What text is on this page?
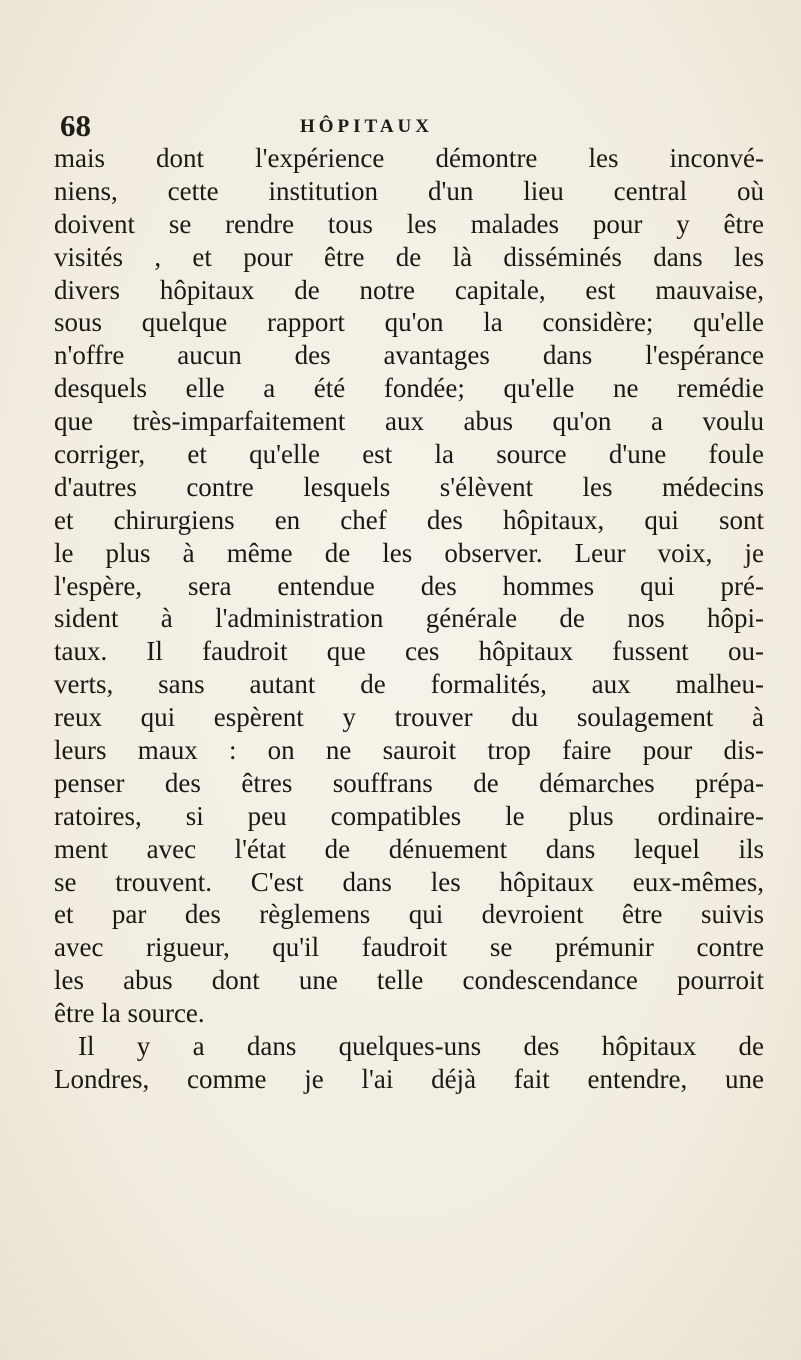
68	HÔPITAUX
mais dont l'expérience démontre les inconvé-
niens, cette institution d'un lieu central où
doivent se rendre tous les malades pour y être
visités , et pour être de là disséminés dans les
divers hôpitaux de notre capitale, est mauvaise,
sous quelque rapport qu'on la considère; qu'elle
n'offre aucun des avantages dans l'espérance
desquels elle a été fondée; qu'elle ne remédie
que très-imparfaitement aux abus qu'on a voulu
corriger, et qu'elle est la source d'une foule
d'autres contre lesquels s'élèvent les médecins
et chirurgiens en chef des hôpitaux, qui sont
le plus à même de les observer. Leur voix, je
l'espère, sera entendue des hommes qui pré-
sident à l'administration générale de nos hôpi-
taux. Il faudroit que ces hôpitaux fussent ou-
verts, sans autant de formalités, aux malheu-
reux qui espèrent y trouver du soulagement à
leurs maux : on ne sauroit trop faire pour dis-
penser des êtres souffrans de démarches prépa-
ratoires, si peu compatibles le plus ordinaire-
ment avec l'état de dénuement dans lequel ils
se trouvent. C'est dans les hôpitaux eux-mêmes,
et par des règlemens qui devroient être suivis
avec rigueur, qu'il faudroit se prémunir contre
les abus dont une telle condescendance pourroit
être la source.
Il y a dans quelques-uns des hôpitaux de
Londres, comme je l'ai déjà fait entendre, une
